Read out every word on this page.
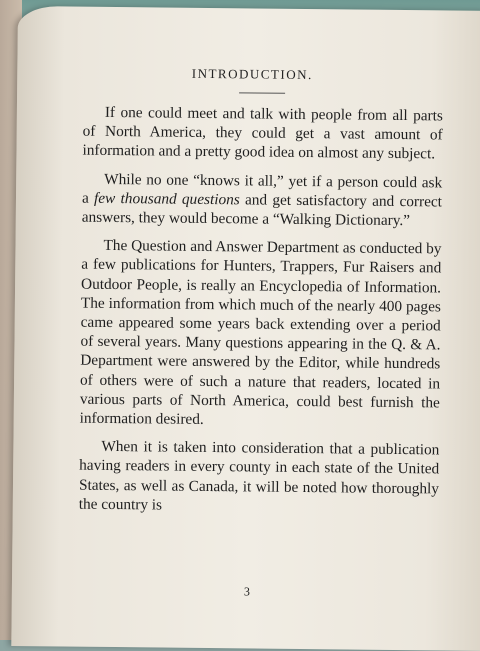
INTRODUCTION.

If one could meet and talk with people from all parts of North America, they could get a vast amount of information and a pretty good idea on almost any subject.

While no one “knows it all,” yet if a person could ask a few thousand questions and get satisfactory and correct answers, they would become a “Walking Dictionary.”

The Question and Answer Department as conducted by a few publications for Hunters, Trappers, Fur Raisers and Outdoor People, is really an Encyclopedia of Information. The information from which much of the nearly 400 pages came appeared some years back extending over a period of several years. Many questions appearing in the Q. & A. Department were answered by the Editor, while hundreds of others were of such a nature that readers, located in various parts of North America, could best furnish the information desired.

When it is taken into consideration that a publication having readers in every county in each state of the United States, as well as Canada, it will be noted how thoroughly the country is

3
